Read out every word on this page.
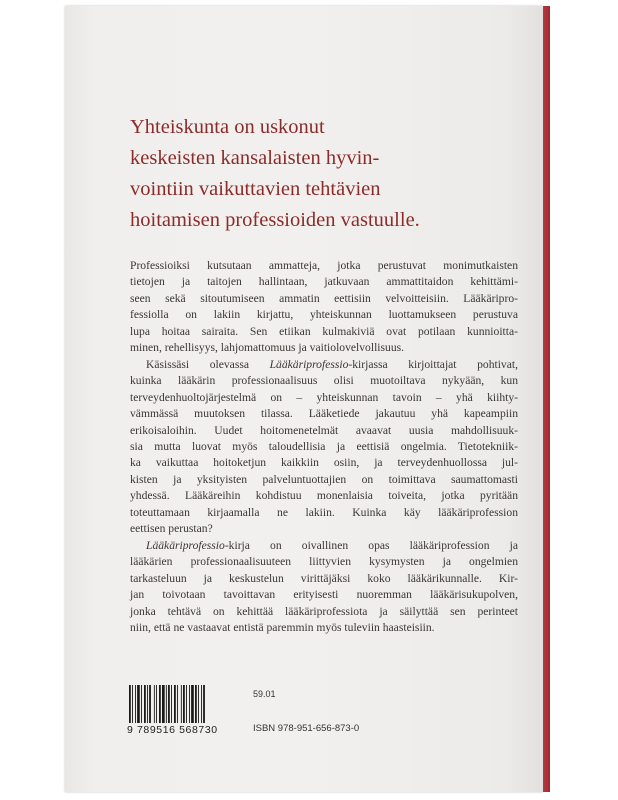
Yhteiskunta on uskonut
keskeisten kansalaisten hyvin-
vointiin vaikuttavien tehtävien
hoitamisen professioiden vastuulle.
Professioiksi kutsutaan ammatteja, jotka perustuvat monimutkaisten
tietojen ja taitojen hallintaan, jatkuvaan ammattitaidon kehittämi-
seen sekä sitoutumiseen ammatin eettisiin velvoitteisiin. Lääkäripro-
fessiolla on lakiin kirjattu, yhteiskunnan luottamukseen perustuva
lupa hoitaa sairaita. Sen etiikan kulmakiviä ovat potilaan kunnioitta-
minen, rehellisyys, lahjomattomuus ja vaitiolovelvollisuus.
Käsissäsi olevassa Lääkäriprofessio-kirjassa kirjoittajat pohtivat,
kuinka lääkärin professionaalisuus olisi muotoiltava nykyään, kun
terveydenhuoltojärjestelmä on – yhteiskunnan tavoin – yhä kiihty-
vämmässä muutoksen tilassa. Lääketiede jakautuu yhä kapeampiin
erikoisaloihin. Uudet hoitomenetelmät avaavat uusia mahdollisuuk-
sia mutta luovat myös taloudellisia ja eettisiä ongelmia. Tietotekniik-
ka vaikuttaa hoitoketjun kaikkiin osiin, ja terveydenhuollossa jul-
kisten ja yksityisten palveluntuottajien on toimittava saumattomasti
yhdessä. Lääkäreihin kohdistuu monenlaisia toiveita, jotka pyritään
toteuttamaan kirjaamalla ne lakiin. Kuinka käy lääkäriprofession
eettisen perustan?
Lääkäriprofessio-kirja on oivallinen opas lääkäriprofession ja
lääkärien professionaalisuuteen liittyvien kysymysten ja ongelmien
tarkasteluun ja keskustelun virittäjäksi koko lääkärikunnalle. Kir-
jan toivotaan tavoittavan erityisesti nuoremman lääkärisukupolven,
jonka tehtävä on kehittää lääkäriprofessiota ja säilyttää sen perinteet
niin, että ne vastaavat entistä paremmin myös tuleviin haasteisiin.
9 789516 568730
59.01
ISBN 978-951-656-873-0
